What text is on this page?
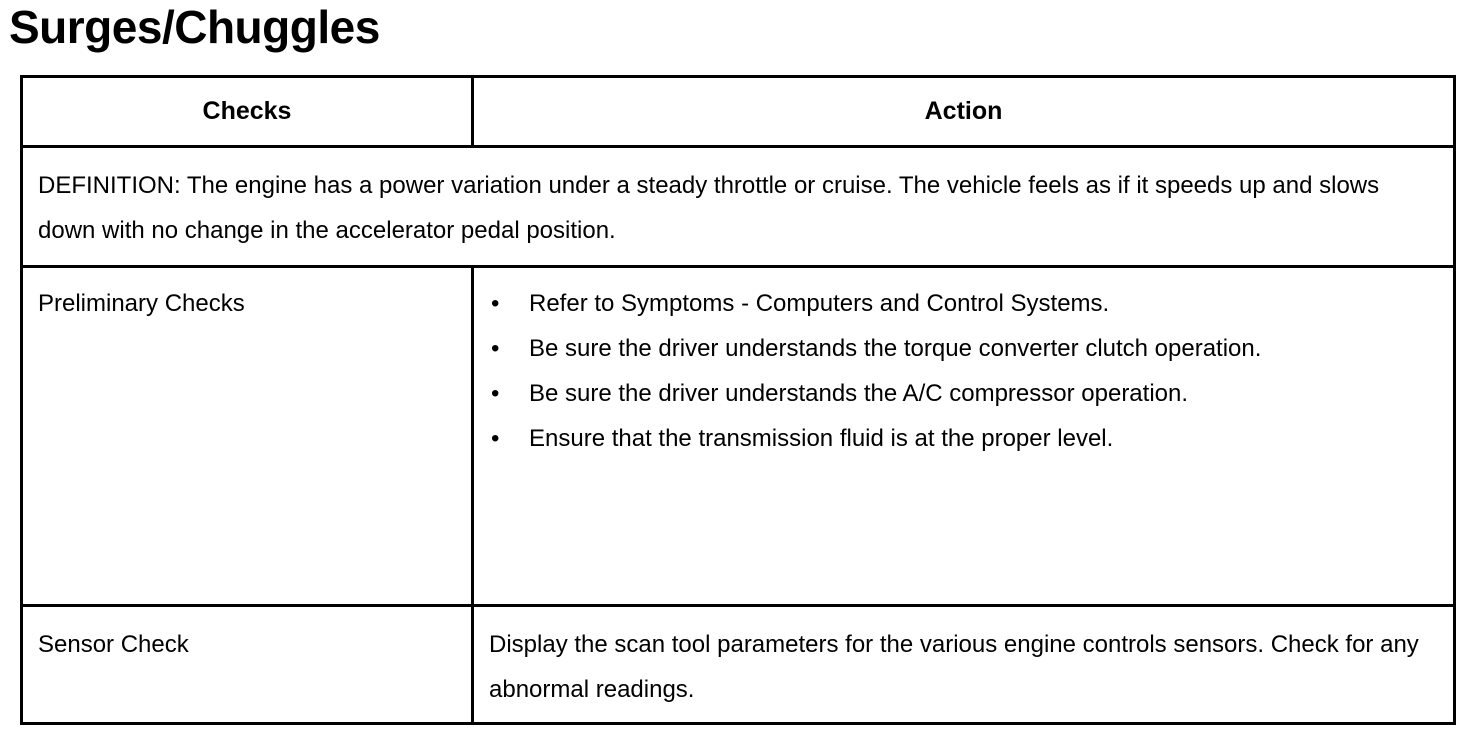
Surges/Chuggles
Checks	Action
DEFINITION: The engine has a power variation under a steady throttle or cruise. The vehicle feels as if it speeds up and slows down with no change in the accelerator pedal position.
Preliminary Checks	• Refer to Symptoms - Computers and Control Systems.
• Be sure the driver understands the torque converter clutch operation.
• Be sure the driver understands the A/C compressor operation.
• Ensure that the transmission fluid is at the proper level.
Sensor Check	Display the scan tool parameters for the various engine controls sensors. Check for any abnormal readings.
